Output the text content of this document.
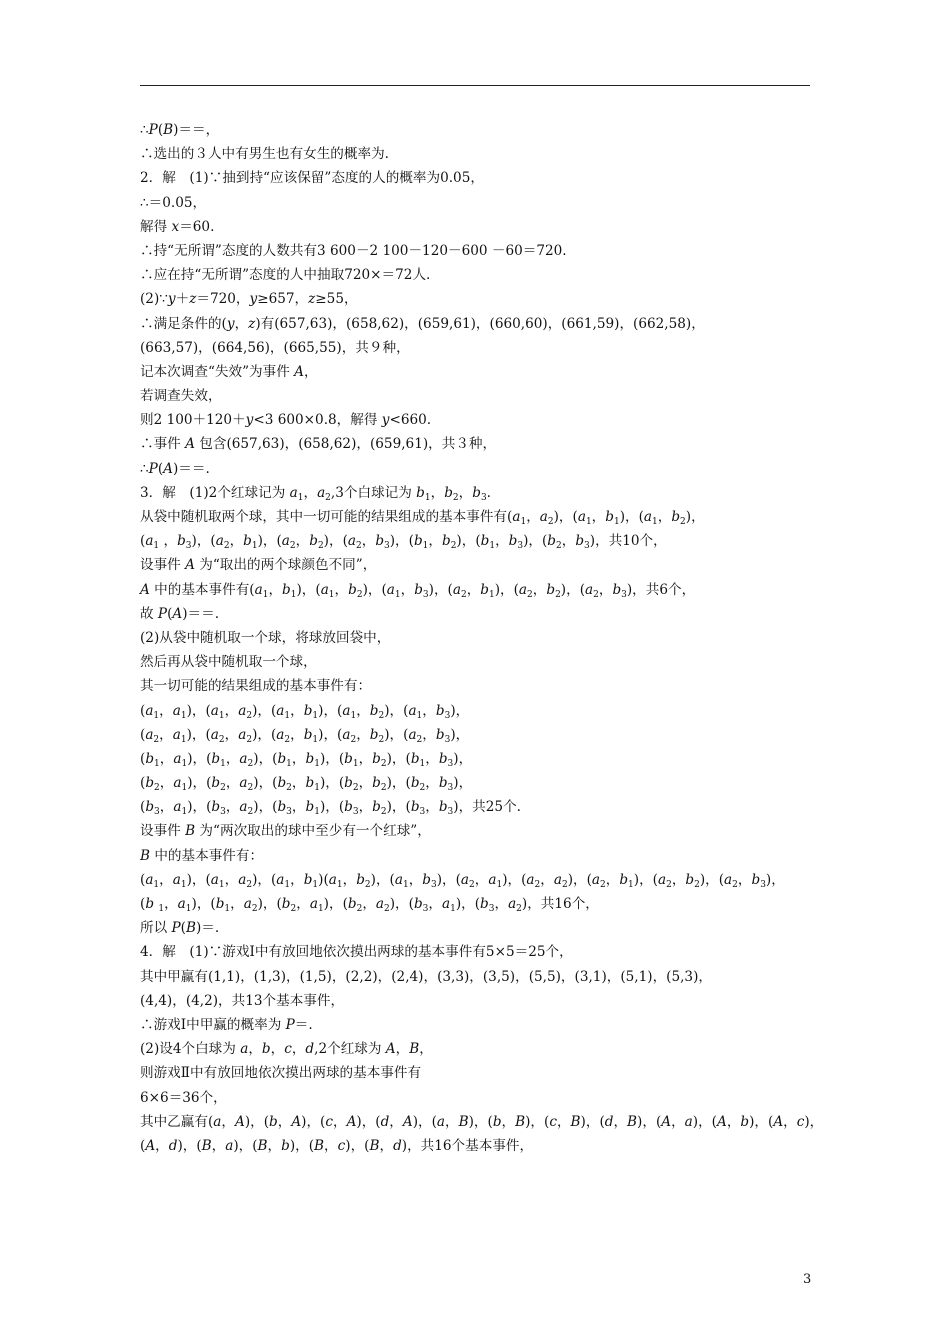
∴P(B)＝＝，
∴选出的３人中有男生也有女生的概率为.
2．解　(1)∵抽到持“应该保留”态度的人的概率为0.05，
∴＝0.05，
解得 x＝60.
∴持“无所谓”态度的人数共有3 600－2 100－120－600 －60＝720.
∴应在持“无所谓”态度的人中抽取720×＝72人.
(2)∵y＋z＝720，y≥657，z≥55，
∴满足条件的(y，z)有(657,63)，(658,62)，(659,61)，(660,60)，(661,59)，(662,58)，
(663,57)，(664,56)，(665,55)，共９种，
记本次调查“失效”为事件 A，
若调查失效，
则2 100＋120＋y<3 600×0.8，解得 y<660.
∴事件 A 包含(657,63)，(658,62)，(659,61)，共３种，
∴P(A)＝＝.
3．解　(1)2个红球记为 $a_1$，$a_2,3$个白球记为 $b_1$，$b_2$，$b_3$.
从袋中随机取两个球，其中一切可能的结果组成的基本事件有($a_1$，$a_2$)，($a_1$，$b_1$)，($a_1$，$b_2$)，
($a_1$ ，$b_3$)，($a_2$，$b_1$)，($a_2$，$b_2$)，($a_2$，$b_3$)，($b_1$，$b_2$)，($b_1$，$b_3$)，($b_2$，$b_3$)，共10个，
设事件 A 为“取出的两个球颜色不同”，
A 中的基本事件有($a_1$，$b_1$)，($a_1$，$b_2$)，($a_1$，$b_3$)，($a_2$，$b_1$)，($a_2$，$b_2$)，($a_2$，$b_3$)，共6个，
故 P(A)＝＝.
(2)从袋中随机取一个球，将球放回袋中，
然后再从袋中随机取一个球，
其一切可能的结果组成的基本事件有：
($a_1$，$a_1$)，($a_1$，$a_2$)，($a_1$，$b_1$)，($a_1$，$b_2$)，($a_1$，$b_3$)，
($a_2$，$a_1$)，($a_2$，$a_2$)，($a_2$，$b_1$)，($a_2$，$b_2$)，($a_2$，$b_3$)，
($b_1$，$a_1$)，($b_1$，$a_2$)，($b_1$，$b_1$)，($b_1$，$b_2$)，($b_1$，$b_3$)，
($b_2$，$a_1$)，($b_2$，$a_2$)，($b_2$，$b_1$)，($b_2$，$b_2$)，($b_2$，$b_3$)，
($b_3$，$a_1$)，($b_3$，$a_2$)，($b_3$，$b_1$)，($b_3$，$b_2$)，($b_3$，$b_3$)，共25个.
设事件 B 为“两次取出的球中至少有一个红球”，
B 中的基本事件有：
($a_1$，$a_1$)，($a_1$，$a_2$)，($a_1$，$b_1)(a_1$，$b_2$)，($a_1$，$b_3$)，($a_2$，$a_1$)，($a_2$，$a_2$)，($a_2$，$b_1$)，($a_2$，$b_2$)，($a_2$，$b_3$)，
(b $_1$，$a_1$)，($b_1$，$a_2$)，($b_2$，$a_1$)，($b_2$，$a_2$)，($b_3$，$a_1$)，($b_3$，$a_2$)，共16个，
所以 P(B)＝.
4．解　(1)∵游戏Ⅰ中有放回地依次摸出两球的基本事件有5×5＝25个，
其中甲赢有(1,1)，(1,3)，(1,5)，(2,2)，(2,4)，(3,3)，(3,5)，(5,5)，(3,1)，(5,1)，(5,3)，
(4,4)，(4,2)，共13个基本事件，
∴游戏Ⅰ中甲赢的概率为 P＝.
(2)设4个白球为 a，b，c，d,2个红球为 A，B，
则游戏Ⅱ中有放回地依次摸出两球的基本事件有
6×6＝36个，
其中乙赢有(a，A)，(b，A)，(c，A)，(d，A)，(a，B)，(b，B)，(c，B)，(d，B)，(A，a)，(A，b)，(A，c)，
(A，d)，(B，a)，(B，b)，(B，c)，(B，d)，共16个基本事件，
3
